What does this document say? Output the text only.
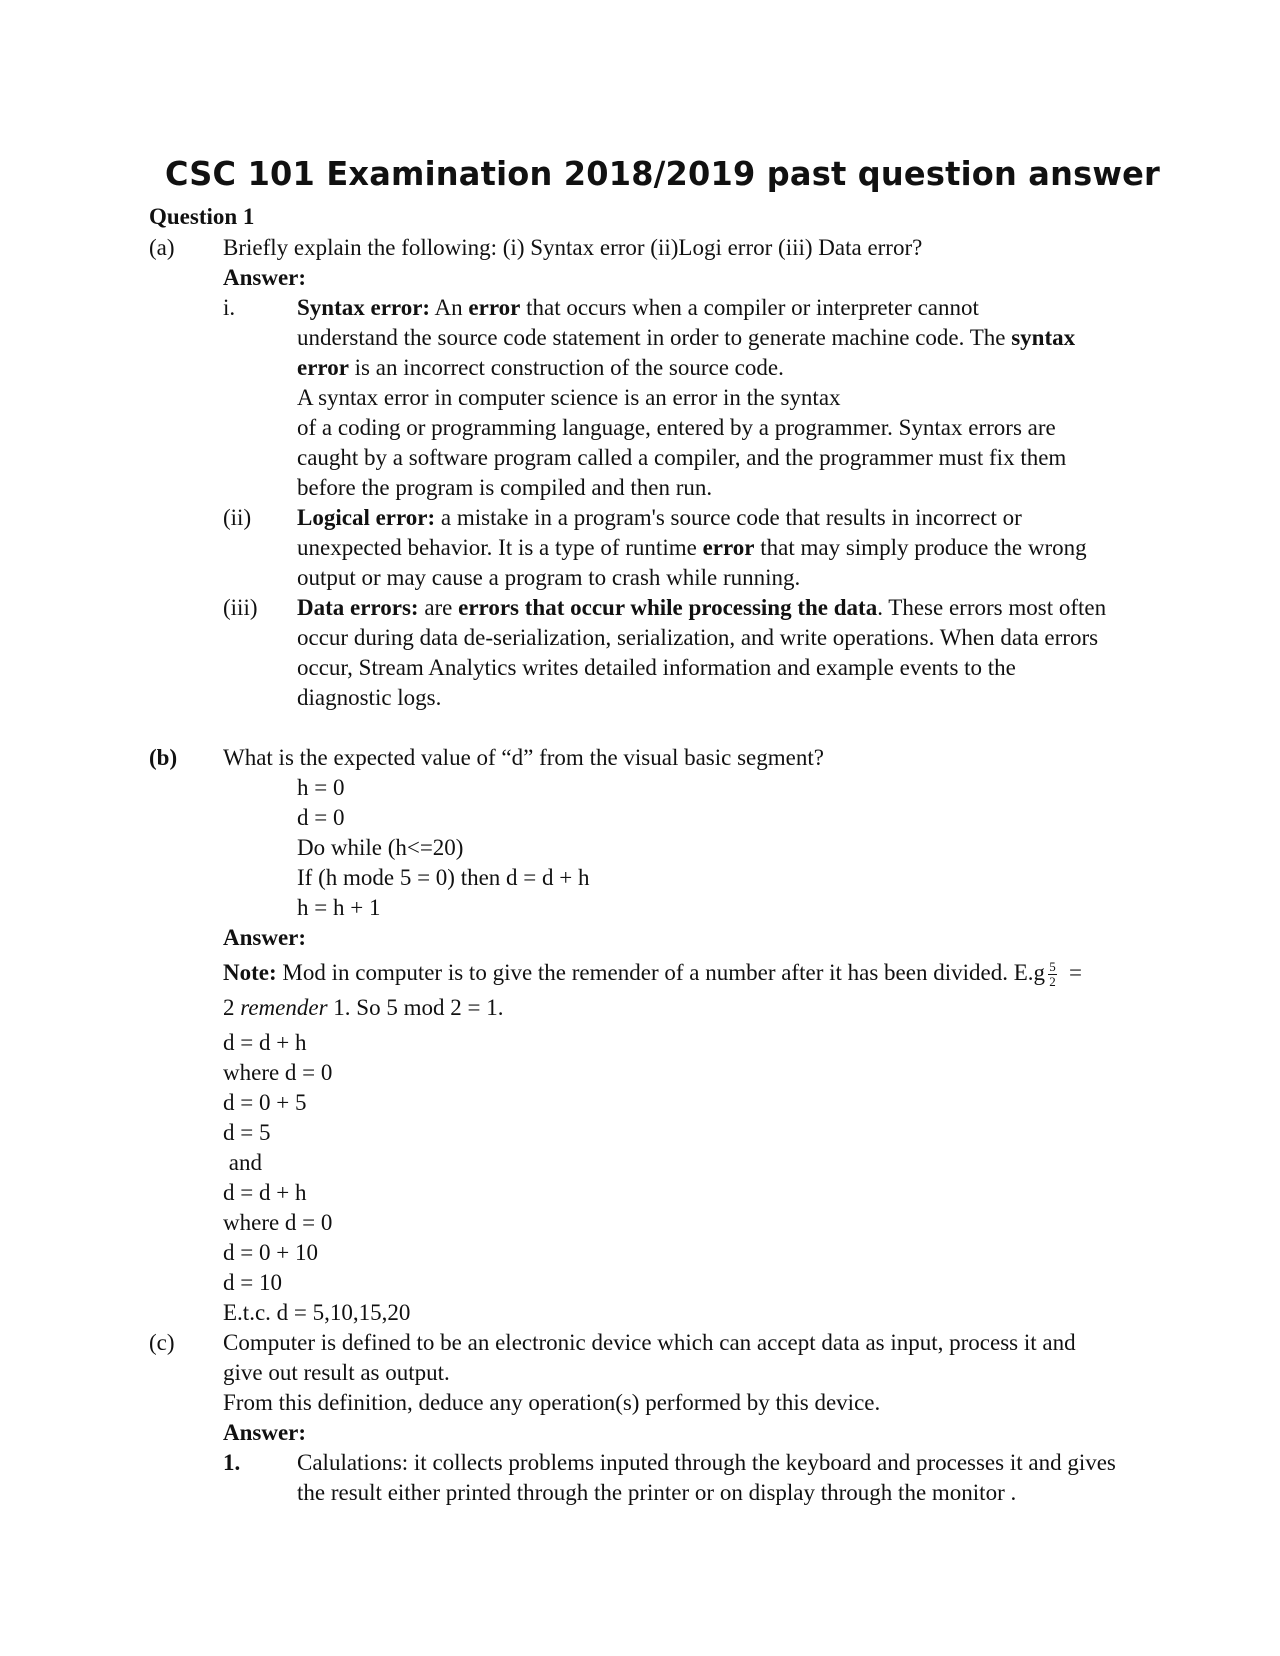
CSC 101 Examination 2018/2019 past question answer
Question 1
(a) Briefly explain the following: (i) Syntax error (ii)Logi error (iii) Data error?
Answer:
i.	Syntax error: An error that occurs when a compiler or interpreter cannot
understand the source code statement in order to generate machine code. The syntax
error is an incorrect construction of the source code.
A syntax error in computer science is an error in the syntax
of a coding or programming language, entered by a programmer. Syntax errors are
caught by a software program called a compiler, and the programmer must fix them
before the program is compiled and then run.
(ii) Logical error: a mistake in a program's source code that results in incorrect or
unexpected behavior. It is a type of runtime error that may simply produce the wrong
output or may cause a program to crash while running.
(iii) Data errors: are errors that occur while processing the data. These errors most often
occur during data de-serialization, serialization, and write operations. When data errors
occur, Stream Analytics writes detailed information and example events to the
diagnostic logs.
(b) What is the expected value of “d” from the visual basic segment?
h = 0
d = 0
Do while (h<=20)
If (h mode 5 = 0) then d = d + h
h = h + 1
Answer:
Note: Mod in computer is to give the remender of a number after it has been divided. $E.g \frac{5}{2}$ =
2 remender 1. So 5 mod 2 = 1.
d = d + h
where d = 0
d = 0 + 5
d = 5
and
d = d + h
where d = 0
d = 0 + 10
d = 10
E.t.c. d = 5,10,15,20
(c) Computer is defined to be an electronic device which can accept data as input, process it and
give out result as output.
From this definition, deduce any operation(s) performed by this device.
Answer:
1. Calulations: it collects problems inputed through the keyboard and processes it and gives
the result either printed through the printer or on display through the monitor .
